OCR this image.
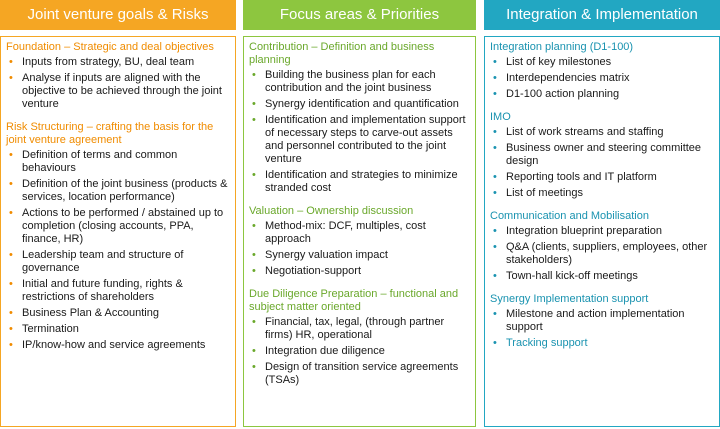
Joint venture goals & Risks
Foundation – Strategic and deal objectives
• Inputs from strategy, BU, deal team
• Analyse if inputs are aligned with the objective to be achieved through the joint venture
Risk Structuring – crafting the basis for the joint venture agreement
• Definition of terms and common behaviours
• Definition of the joint business (products & services, location performance)
• Actions to be performed / abstained up to completion (closing accounts, PPA, finance, HR)
• Leadership team and structure of governance
• Initial and future funding, rights & restrictions of shareholders
• Business Plan & Accounting
• Termination
• IP/know-how and service agreements
Focus areas & Priorities
Contribution – Definition and business planning
• Building the business plan for each contribution and the joint business
• Synergy identification and quantification
• Identification and implementation support of necessary steps to carve-out assets and personnel contributed to the joint venture
• Identification and strategies to minimize stranded cost
Valuation – Ownership discussion
• Method-mix: DCF, multiples, cost approach
• Synergy valuation impact
• Negotiation-support
Due Diligence Preparation – functional and subject matter oriented
• Financial, tax, legal, (through partner firms) HR, operational
• Integration due diligence
• Design of transition service agreements (TSAs)
Integration & Implementation
Integration planning (D1-100)
• List of key milestones
• Interdependencies matrix
• D1-100 action planning
IMO
• List of work streams and staffing
• Business owner and steering committee design
• Reporting tools and IT platform
• List of meetings
Communication and Mobilisation
• Integration blueprint preparation
• Q&A (clients, suppliers, employees, other stakeholders)
• Town-hall kick-off meetings
Synergy Implementation support
• Milestone and action implementation support
• Tracking support
